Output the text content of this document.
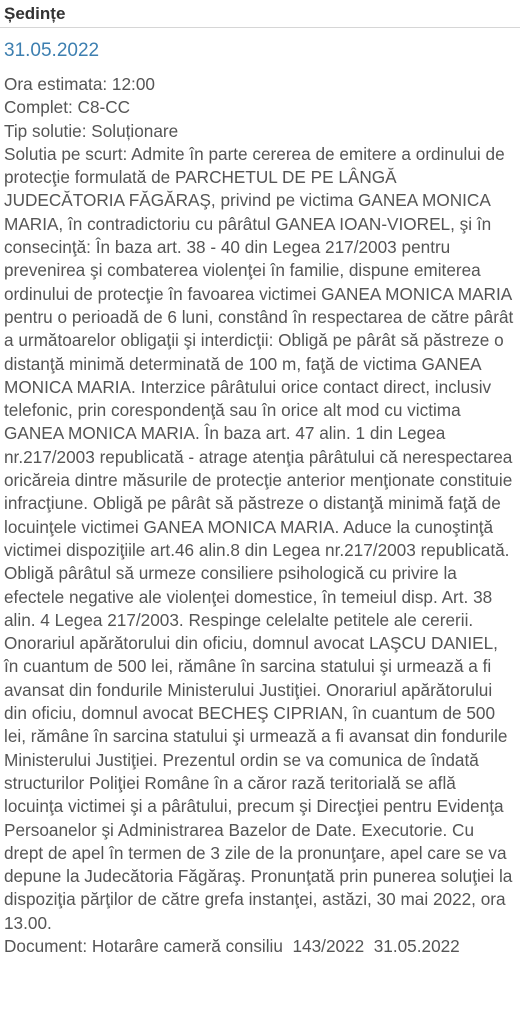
Ședințe
31.05.2022
Ora estimata: 12:00
Complet: C8-CC
Tip solutie: Soluționare
Solutia pe scurt: Admite în parte cererea de emitere a ordinului de protecţie formulată de PARCHETUL DE PE LÂNGĂ JUDECĂTORIA FĂGĂRAŞ, privind pe victima GANEA MONICA MARIA, în contradictoriu cu pârâtul GANEA IOAN-VIOREL, şi în consecinţă: În baza art. 38 - 40 din Legea 217/2003 pentru prevenirea şi combaterea violenţei în familie, dispune emiterea ordinului de protecţie în favoarea victimei GANEA MONICA MARIA pentru o perioadă de 6 luni, constând în respectarea de către pârât a următoarelor obligaţii şi interdicţii: Obligă pe pârât să păstreze o distanţă minimă determinată de 100 m, faţă de victima GANEA MONICA MARIA. Interzice pârâtului orice contact direct, inclusiv telefonic, prin corespondenţă sau în orice alt mod cu victima GANEA MONICA MARIA. În baza art. 47 alin. 1 din Legea nr.217/2003 republicată - atrage atenţia pârâtului că nerespectarea oricăreia dintre măsurile de protecţie anterior menţionate constituie infracţiune. Obligă pe pârât să păstreze o distanţă minimă faţă de locuinţele victimei GANEA MONICA MARIA. Aduce la cunoştinţă victimei dispoziţiile art.46 alin.8 din Legea nr.217/2003 republicată. Obligă pârâtul să urmeze consiliere psihologică cu privire la efectele negative ale violenţei domestice, în temeiul disp. Art. 38 alin. 4 Legea 217/2003. Respinge celelalte petitele ale cererii. Onorariul apărătorului din oficiu, domnul avocat LAŞCU DANIEL, în cuantum de 500 lei, rămâne în sarcina statului şi urmează a fi avansat din fondurile Ministerului Justiţiei. Onorariul apărătorului din oficiu, domnul avocat BECHEŞ CIPRIAN, în cuantum de 500 lei, rămâne în sarcina statului şi urmează a fi avansat din fondurile Ministerului Justiţiei. Prezentul ordin se va comunica de îndată structurilor Poliţiei Române în a căror rază teritorială se află locuinţa victimei şi a pârâtului, precum şi Direcţiei pentru Evidenţa Persoanelor şi Administrarea Bazelor de Date. Executorie. Cu drept de apel în termen de 3 zile de la pronunţare, apel care se va depune la Judecătoria Făgăraş. Pronunţată prin punerea soluţiei la dispoziţia părţilor de către grefa instanţei, astăzi, 30 mai 2022, ora 13.00.
Document: Hotarâre cameră consiliu  143/2022  31.05.2022
